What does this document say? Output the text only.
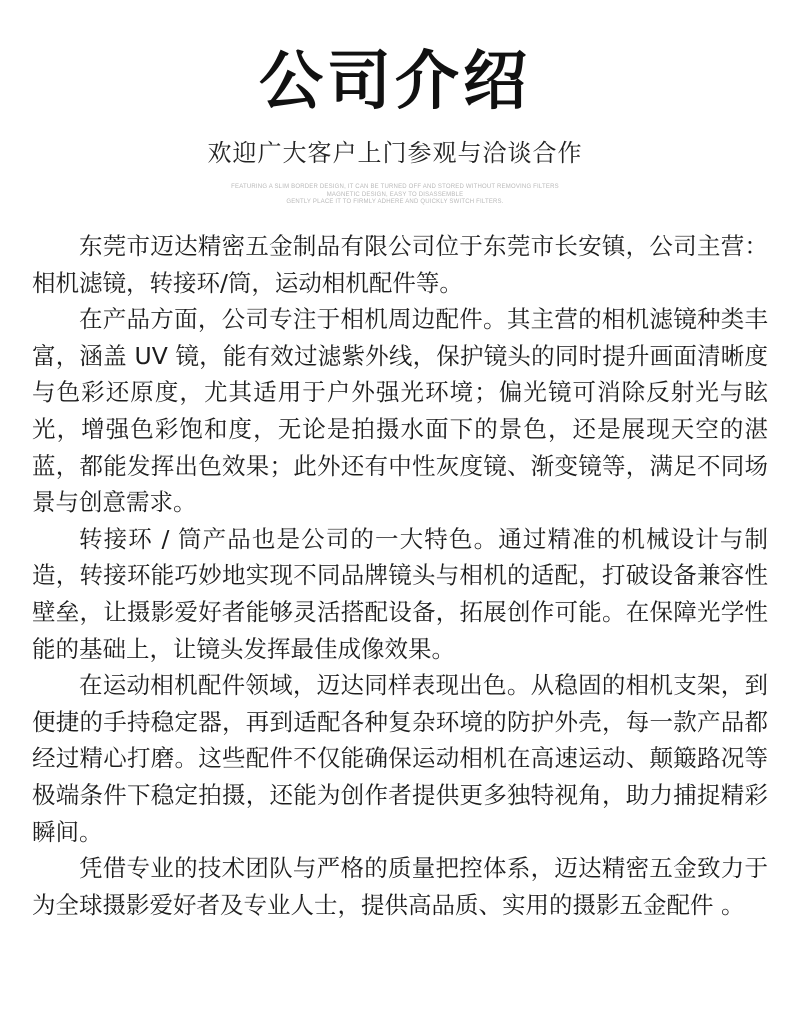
公司介绍
欢迎广大客户上门参观与洽谈合作
FEATURING A SLIM BORDER DESIGN, IT CAN BE TURNED OFF AND STORED WITHOUT REMOVING FILTERS
MAGNETIC DESIGN, EASY TO DISASSEMBLE
GENTLY PLACE IT TO FIRMLY ADHERE AND QUICKLY SWITCH FILTERS.

东莞市迈达精密五金制品有限公司位于东莞市长安镇，公司主营：相机滤镜，转接环/筒，运动相机配件等。

在产品方面，公司专注于相机周边配件。其主营的相机滤镜种类丰富，涵盖 UV 镜，能有效过滤紫外线，保护镜头的同时提升画面清晰度与色彩还原度，尤其适用于户外强光环境；偏光镜可消除反射光与眩光，增强色彩饱和度，无论是拍摄水面下的景色，还是展现天空的湛蓝，都能发挥出色效果；此外还有中性灰度镜、渐变镜等，满足不同场景与创意需求。

转接环 / 筒产品也是公司的一大特色。通过精准的机械设计与制造，转接环能巧妙地实现不同品牌镜头与相机的适配，打破设备兼容性壁垒，让摄影爱好者能够灵活搭配设备，拓展创作可能。在保障光学性能的基础上，让镜头发挥最佳成像效果。

在运动相机配件领域，迈达同样表现出色。从稳固的相机支架，到便捷的手持稳定器，再到适配各种复杂环境的防护外壳，每一款产品都经过精心打磨。这些配件不仅能确保运动相机在高速运动、颠簸路况等极端条件下稳定拍摄，还能为创作者提供更多独特视角，助力捕捉精彩瞬间。

凭借专业的技术团队与严格的质量把控体系，迈达精密五金致力于为全球摄影爱好者及专业人士，提供高品质、实用的摄影五金配件 。
